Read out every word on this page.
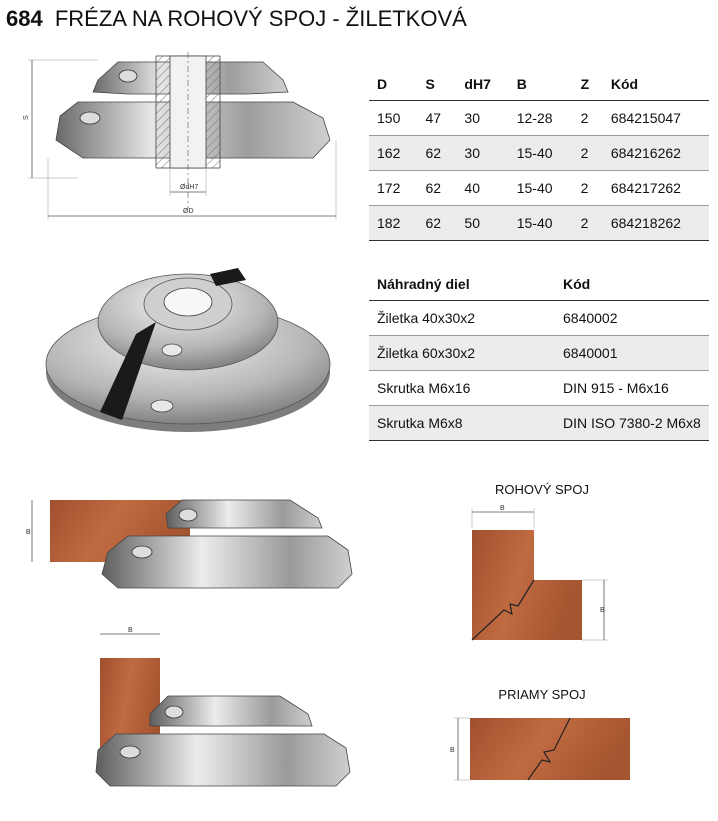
684 FRÉZA NA ROHOVÝ SPOJ - ŽILETKOVÁ
S
ØdH7
ØD
D	S	dH7	B	Z	Kód
150	47	30	12-28	2	684215047
162	62	30	15-40	2	684216262
172	62	40	15-40	2	684217262
182	62	50	15-40	2	684218262
Náhradný diel	Kód
Žiletka 40x30x2	6840002
Žiletka 60x30x2	6840001
Skrutka M6x16	DIN 915 - M6x16
Skrutka M6x8	DIN ISO 7380-2 M6x8
B
B
ROHOVÝ SPOJ
B
B
PRIAMY SPOJ
B
